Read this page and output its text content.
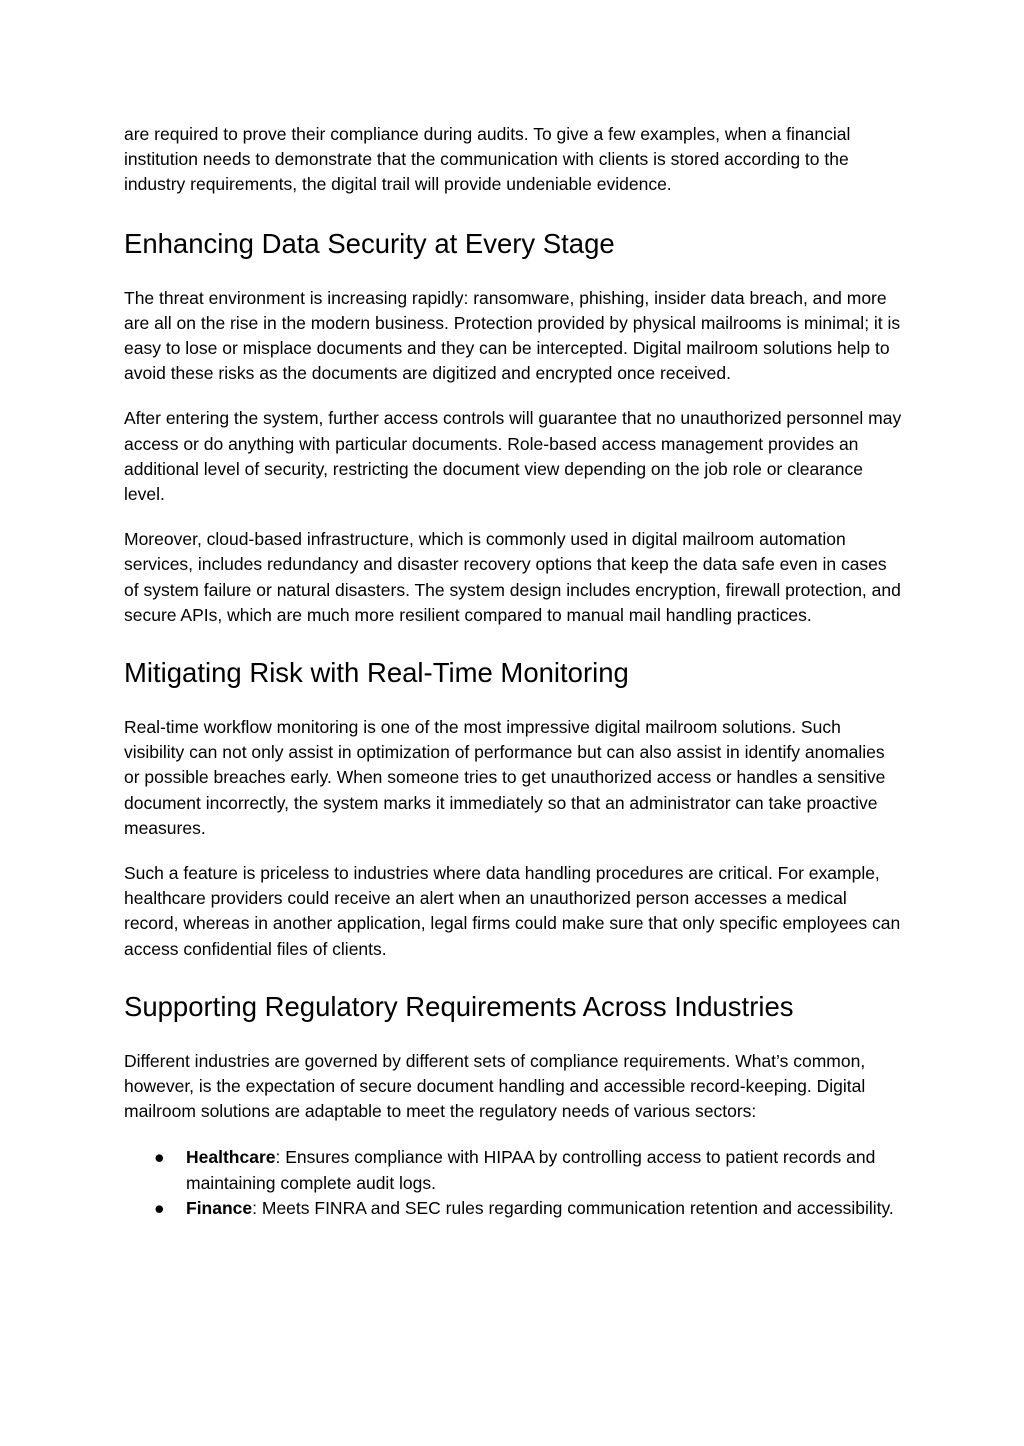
are required to prove their compliance during audits. To give a few examples, when a financial institution needs to demonstrate that the communication with clients is stored according to the industry requirements, the digital trail will provide undeniable evidence.

Enhancing Data Security at Every Stage

The threat environment is increasing rapidly: ransomware, phishing, insider data breach, and more are all on the rise in the modern business. Protection provided by physical mailrooms is minimal; it is easy to lose or misplace documents and they can be intercepted. Digital mailroom solutions help to avoid these risks as the documents are digitized and encrypted once received.

After entering the system, further access controls will guarantee that no unauthorized personnel may access or do anything with particular documents. Role-based access management provides an additional level of security, restricting the document view depending on the job role or clearance level.

Moreover, cloud-based infrastructure, which is commonly used in digital mailroom automation services, includes redundancy and disaster recovery options that keep the data safe even in cases of system failure or natural disasters. The system design includes encryption, firewall protection, and secure APIs, which are much more resilient compared to manual mail handling practices.

Mitigating Risk with Real-Time Monitoring

Real-time workflow monitoring is one of the most impressive digital mailroom solutions. Such visibility can not only assist in optimization of performance but can also assist in identify anomalies or possible breaches early. When someone tries to get unauthorized access or handles a sensitive document incorrectly, the system marks it immediately so that an administrator can take proactive measures.

Such a feature is priceless to industries where data handling procedures are critical. For example, healthcare providers could receive an alert when an unauthorized person accesses a medical record, whereas in another application, legal firms could make sure that only specific employees can access confidential files of clients.

Supporting Regulatory Requirements Across Industries

Different industries are governed by different sets of compliance requirements. What’s common, however, is the expectation of secure document handling and accessible record-keeping. Digital mailroom solutions are adaptable to meet the regulatory needs of various sectors:

● Healthcare: Ensures compliance with HIPAA by controlling access to patient records and maintaining complete audit logs.
● Finance: Meets FINRA and SEC rules regarding communication retention and accessibility.
